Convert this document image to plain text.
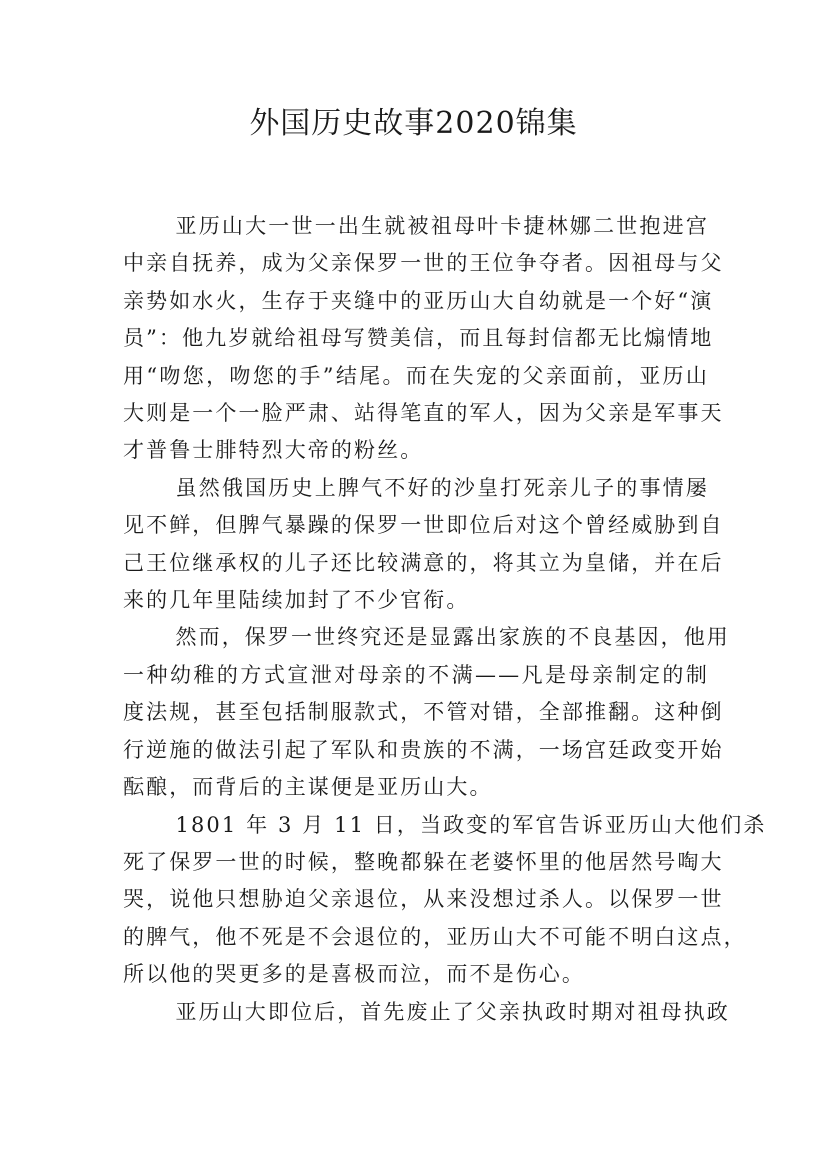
外国历史故事2020锦集

亚历山大一世一出生就被祖母叶卡捷林娜二世抱进宫
中亲自抚养，成为父亲保罗一世的王位争夺者。因祖母与父
亲势如水火，生存于夹缝中的亚历山大自幼就是一个好“演
员”：他九岁就给祖母写赞美信，而且每封信都无比煽情地
用“吻您，吻您的手”结尾。而在失宠的父亲面前，亚历山
大则是一个一脸严肃、站得笔直的军人，因为父亲是军事天
才普鲁士腓特烈大帝的粉丝。

虽然俄国历史上脾气不好的沙皇打死亲儿子的事情屡
见不鲜，但脾气暴躁的保罗一世即位后对这个曾经威胁到自
己王位继承权的儿子还比较满意的，将其立为皇储，并在后
来的几年里陆续加封了不少官衔。

然而，保罗一世终究还是显露出家族的不良基因，他用
一种幼稚的方式宣泄对母亲的不满——凡是母亲制定的制
度法规，甚至包括制服款式，不管对错，全部推翻。这种倒
行逆施的做法引起了军队和贵族的不满，一场宫廷政变开始
酝酿，而背后的主谋便是亚历山大。

1801 年 3 月 11 日，当政变的军官告诉亚历山大他们杀
死了保罗一世的时候，整晚都躲在老婆怀里的他居然号啕大
哭，说他只想胁迫父亲退位，从来没想过杀人。以保罗一世
的脾气，他不死是不会退位的，亚历山大不可能不明白这点，
所以他的哭更多的是喜极而泣，而不是伤心。

亚历山大即位后，首先废止了父亲执政时期对祖母执政
